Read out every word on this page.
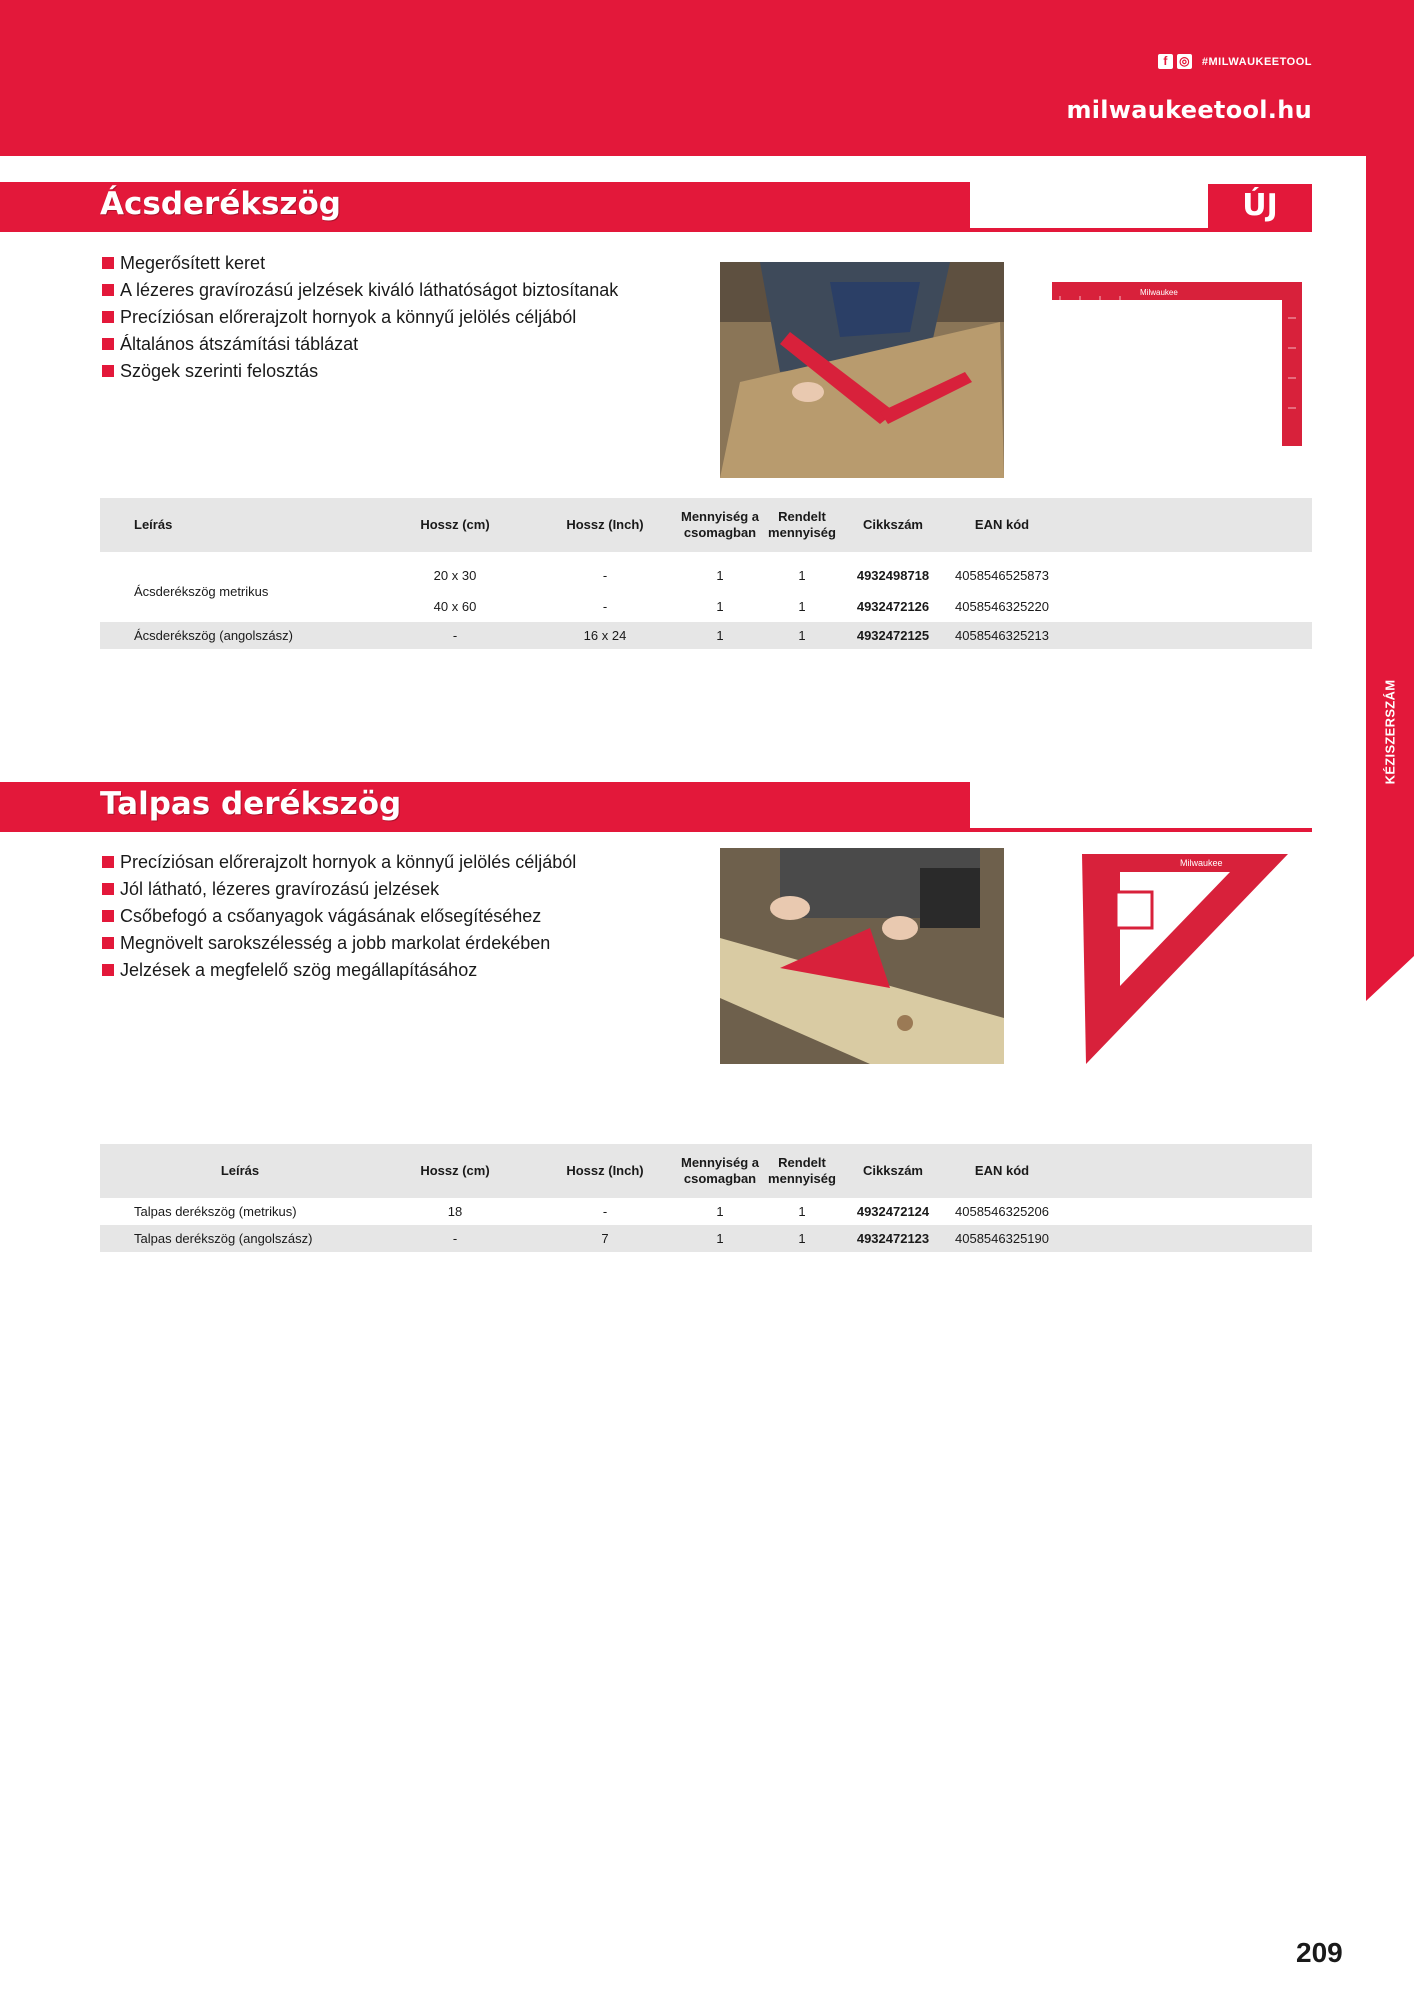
f ◎ #MILWAUKEETOOL
milwaukeetool.hu
KÉZISZERSZÁM
Ácsderékszög	ÚJ
Megerősített keret
A lézeres gravírozású jelzések kiváló láthatóságot biztosítanak
Precíziósan előrerajzolt hornyok a könnyű jelölés céljából
Általános átszámítási táblázat
Szögek szerinti felosztás
Milwaukee
Leírás	Hossz (cm)	Hossz (Inch)	Mennyiség a
csomagban	Rendelt
mennyiség	Cikkszám	EAN kód	

Ácsderékszög metrikus	20 x 30	-	1	1	4932498718	4058546525873	
	40 x 60	-	1	1	4932472126	4058546325220	
Ácsderékszög (angolszász)	-	16 x 24	1	1	4932472125	4058546325213	
Talpas derékszög
Precíziósan előrerajzolt hornyok a könnyű jelölés céljából
Jól látható, lézeres gravírozású jelzések
Csőbefogó a csőanyagok vágásának elősegítéséhez
Megnövelt sarokszélesség a jobb markolat érdekében
Jelzések a megfelelő szög megállapításához
Milwaukee
Leírás	Hossz (cm)	Hossz (Inch)	Mennyiség a
csomagban	Rendelt
mennyiség	Cikkszám	EAN kód	
Talpas derékszög (metrikus)	18	-	1	1	4932472124	4058546325206	
Talpas derékszög (angolszász)	-	7	1	1	4932472123	4058546325190	
209
